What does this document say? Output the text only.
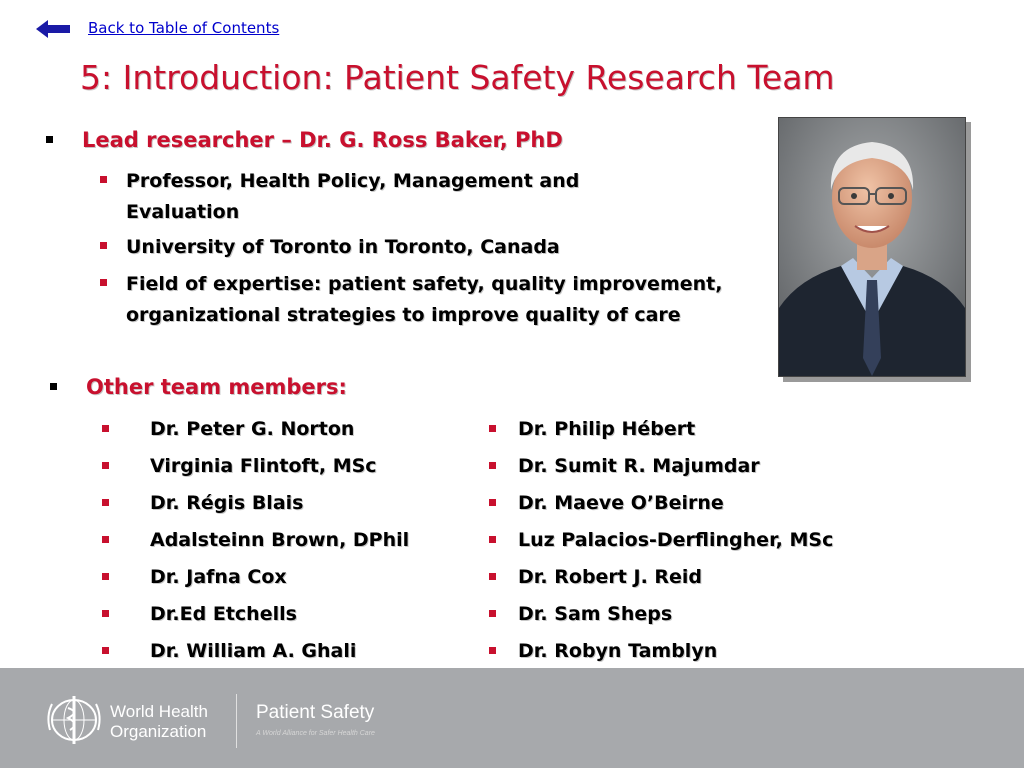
Back to Table of Contents
5: Introduction: Patient Safety Research Team
Lead researcher – Dr. G. Ross Baker, PhD
Professor, Health Policy, Management and Evaluation
University of Toronto in Toronto, Canada
Field of expertise: patient safety, quality improvement, organizational strategies to improve quality of care
Other team members:
Dr. Peter G. Norton
Virginia Flintoft, MSc
Dr. Régis Blais
Adalsteinn Brown, DPhil
Dr. Jafna Cox
Dr.Ed Etchells
Dr. William A. Ghali
Dr. Philip Hébert
Dr. Sumit R. Majumdar
Dr. Maeve O’Beirne
Luz Palacios-Derflingher, MSc
Dr. Robert J. Reid
Dr. Sam Sheps
Dr. Robyn Tamblyn
World Health
Organization
Patient Safety
A World Alliance for Safer Health Care
